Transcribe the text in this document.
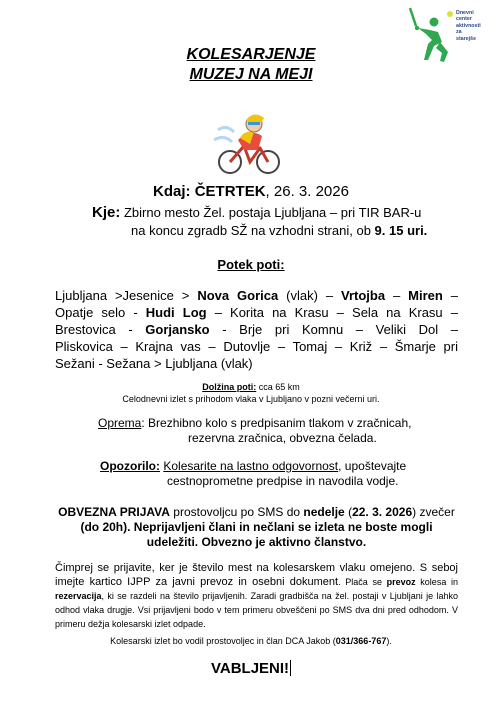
Dnevni
center
aktivnosti
za
starejše
KOLESARJENJE
MUZEJ NA MEJI
Kdaj: ČETRTEK, 26. 3. 2026
Kje: Zbirno mesto Žel. postaja Ljubljana – pri TIR BAR-u
na koncu zgradb SŽ na vzhodni strani, ob 9. 15 uri.
Potek poti:
Ljubljana >Jesenice > Nova Gorica (vlak) – Vrtojba – Miren –
Opatje selo - Hudi Log – Korita na Krasu – Sela na Krasu –
Brestovica - Gorjansko - Brje pri Komnu – Veliki Dol –
Pliskovica – Krajna vas – Dutovlje – Tomaj – Križ – Šmarje pri
Sežani - Sežana > Ljubljana (vlak)
Dolžina poti: cca 65 km
Celodnevni izlet s prihodom vlaka v Ljubljano v pozni večerni uri.
Oprema: Brezhibno kolo s predpisanim tlakom v zračnicah,
rezervna zračnica, obvezna čelada.
Opozorilo: Kolesarite na lastno odgovornost, upoštevajte
cestnoprometne predpise in navodila vodje.
OBVEZNA PRIJAVA prostovoljcu po SMS do nedelje (22. 3. 2026) zvečer
(do 20h). Neprijavljeni člani in nečlani se izleta ne boste mogli
udeležiti. Obvezno je aktivno članstvo.
Čimprej se prijavite, ker je število mest na kolesarskem vlaku omejeno. S seboj imejte kartico IJPP za javni prevoz in osebni dokument. Plača se prevoz kolesa in rezervacija, ki se razdeli na število prijavljenih. Zaradi gradbišča na žel. postaji v Ljubljani je lahko odhod vlaka drugje. Vsi prijavljeni bodo v tem primeru obveščeni po SMS dva dni pred odhodom. V primeru dežja kolesarski izlet odpade.
Kolesarski izlet bo vodil prostovoljec in član DCA Jakob (031/366-767).
VABLJENI!
